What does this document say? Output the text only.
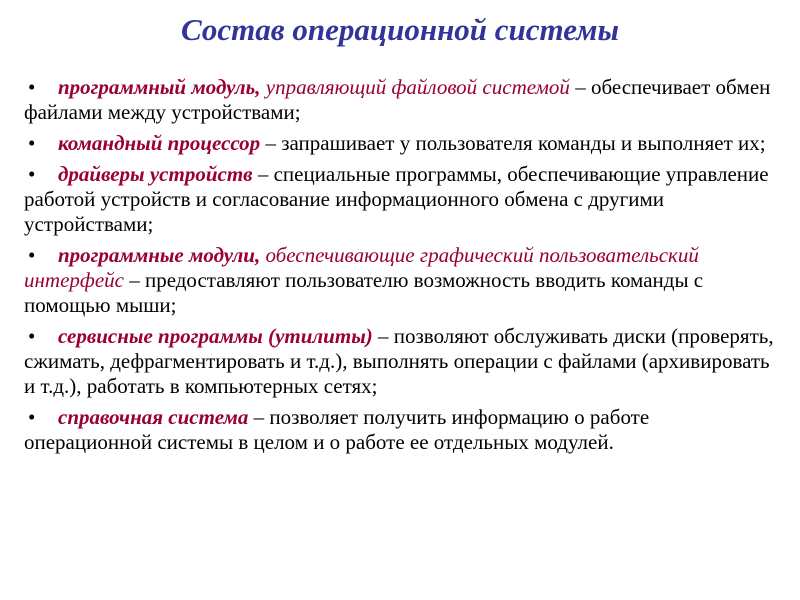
Состав операционной системы
• программный модуль, управляющий файловой системой – обеспечивает обмен файлами между устройствами;
• командный процессор – запрашивает у пользователя команды и выполняет их;
• драйверы устройств – специальные программы, обеспечивающие управление работой устройств и согласование информационного обмена с другими устройствами;
• программные модули, обеспечивающие графический пользовательский интерфейс – предоставляют пользователю возможность вводить команды с помощью мыши;
• сервисные программы (утилиты) – позволяют обслуживать диски (проверять, сжимать, дефрагментировать и т.д.), выполнять операции с файлами (архивировать и т.д.), работать в компьютерных сетях;
• справочная система – позволяет получить информацию о работе операционной системы в целом и о работе ее отдельных модулей.
